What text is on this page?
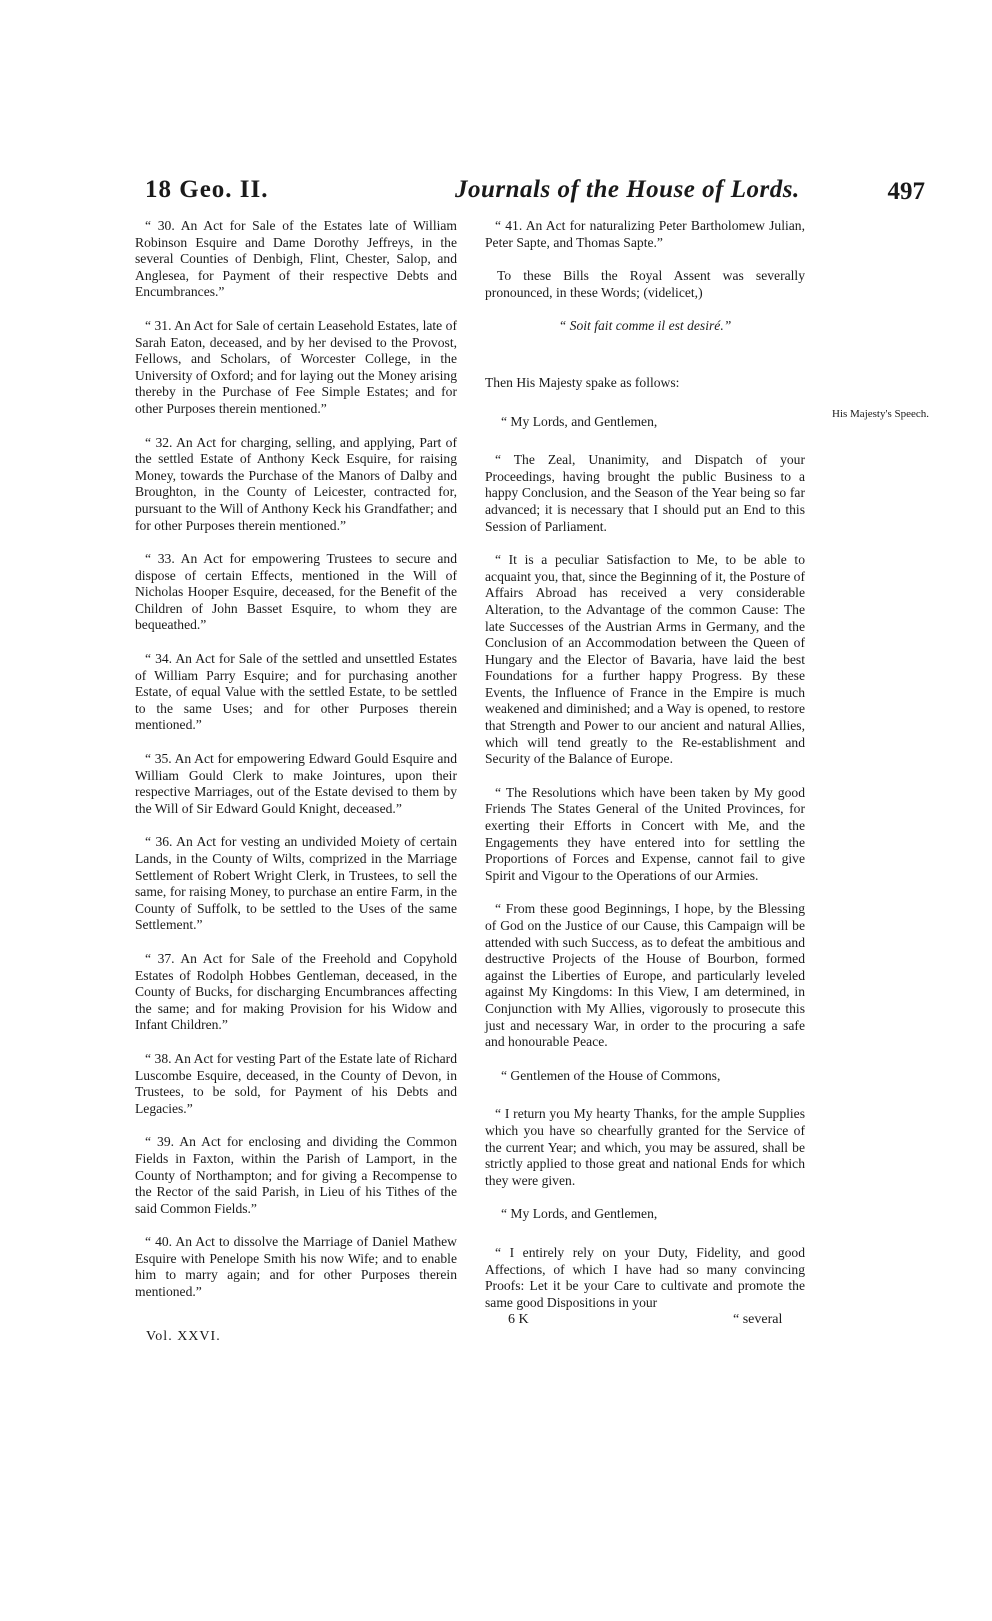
18 Geo. II.	Journals of the House of Lords.	497

“ 30. An Act for Sale of the Estates late of William Robinson Esquire and Dame Dorothy Jeffreys, in the several Counties of Denbigh, Flint, Chester, Salop, and Anglesea, for Payment of their respective Debts and Encumbrances.”

“ 31. An Act for Sale of certain Leasehold Estates, late of Sarah Eaton, deceased, and by her devised to the Provost, Fellows, and Scholars, of Worcester College, in the University of Oxford; and for laying out the Money arising thereby in the Purchase of Fee Simple Estates; and for other Purposes therein mentioned.”

“ 32. An Act for charging, selling, and applying, Part of the settled Estate of Anthony Keck Esquire, for raising Money, towards the Purchase of the Manors of Dalby and Broughton, in the County of Leicester, contracted for, pursuant to the Will of Anthony Keck his Grandfather; and for other Purposes therein mentioned.”

“ 33. An Act for empowering Trustees to secure and dispose of certain Effects, mentioned in the Will of Nicholas Hooper Esquire, deceased, for the Benefit of the Children of John Basset Esquire, to whom they are bequeathed.”

“ 34. An Act for Sale of the settled and unsettled Estates of William Parry Esquire; and for purchasing another Estate, of equal Value with the settled Estate, to be settled to the same Uses; and for other Purposes therein mentioned.”

“ 35. An Act for empowering Edward Gould Esquire and William Gould Clerk to make Jointures, upon their respective Marriages, out of the Estate devised to them by the Will of Sir Edward Gould Knight, deceased.”

“ 36. An Act for vesting an undivided Moiety of certain Lands, in the County of Wilts, comprized in the Marriage Settlement of Robert Wright Clerk, in Trustees, to sell the same, for raising Money, to purchase an entire Farm, in the County of Suffolk, to be settled to the Uses of the same Settlement.”

“ 37. An Act for Sale of the Freehold and Copyhold Estates of Rodolph Hobbes Gentleman, deceased, in the County of Bucks, for discharging Encumbrances affecting the same; and for making Provision for his Widow and Infant Children.”

“ 38. An Act for vesting Part of the Estate late of Richard Luscombe Esquire, deceased, in the County of Devon, in Trustees, to be sold, for Payment of his Debts and Legacies.”

“ 39. An Act for enclosing and dividing the Common Fields in Faxton, within the Parish of Lamport, in the County of Northampton; and for giving a Recompense to the Rector of the said Parish, in Lieu of his Tithes of the said Common Fields.”

“ 40. An Act to dissolve the Marriage of Daniel Mathew Esquire with Penelope Smith his now Wife; and to enable him to marry again; and for other Purposes therein mentioned.”

“ 41. An Act for naturalizing Peter Bartholomew Julian, Peter Sapte, and Thomas Sapte.”

To these Bills the Royal Assent was severally pronounced, in these Words; (videlicet,)

“ Soit fait comme il est desiré.”

Then His Majesty spake as follows:

“ My Lords, and Gentlemen,

“ The Zeal, Unanimity, and Dispatch of your Proceedings, having brought the public Business to a happy Conclusion, and the Season of the Year being so far advanced; it is necessary that I should put an End to this Session of Parliament.

“ It is a peculiar Satisfaction to Me, to be able to acquaint you, that, since the Beginning of it, the Posture of Affairs Abroad has received a very considerable Alteration, to the Advantage of the common Cause: The late Successes of the Austrian Arms in Germany, and the Conclusion of an Accommodation between the Queen of Hungary and the Elector of Bavaria, have laid the best Foundations for a further happy Progress. By these Events, the Influence of France in the Empire is much weakened and diminished; and a Way is opened, to restore that Strength and Power to our ancient and natural Allies, which will tend greatly to the Re-establishment and Security of the Balance of Europe.

“ The Resolutions which have been taken by My good Friends The States General of the United Provinces, for exerting their Efforts in Concert with Me, and the Engagements they have entered into for settling the Proportions of Forces and Expense, cannot fail to give Spirit and Vigour to the Operations of our Armies.

“ From these good Beginnings, I hope, by the Blessing of God on the Justice of our Cause, this Campaign will be attended with such Success, as to defeat the ambitious and destructive Projects of the House of Bourbon, formed against the Liberties of Europe, and particularly leveled against My Kingdoms: In this View, I am determined, in Conjunction with My Allies, vigorously to prosecute this just and necessary War, in order to the procuring a safe and honourable Peace.

“ Gentlemen of the House of Commons,

“ I return you My hearty Thanks, for the ample Supplies which you have so chearfully granted for the Service of the current Year; and which, you may be assured, shall be strictly applied to those great and national Ends for which they were given.

“ My Lords, and Gentlemen,

“ I entirely rely on your Duty, Fidelity, and good Affections, of which I have had so many convincing Proofs: Let it be your Care to cultivate and promote the same good Dispositions in your

His Majesty's Speech.
Vol. XXVI.
6 K	“ several
